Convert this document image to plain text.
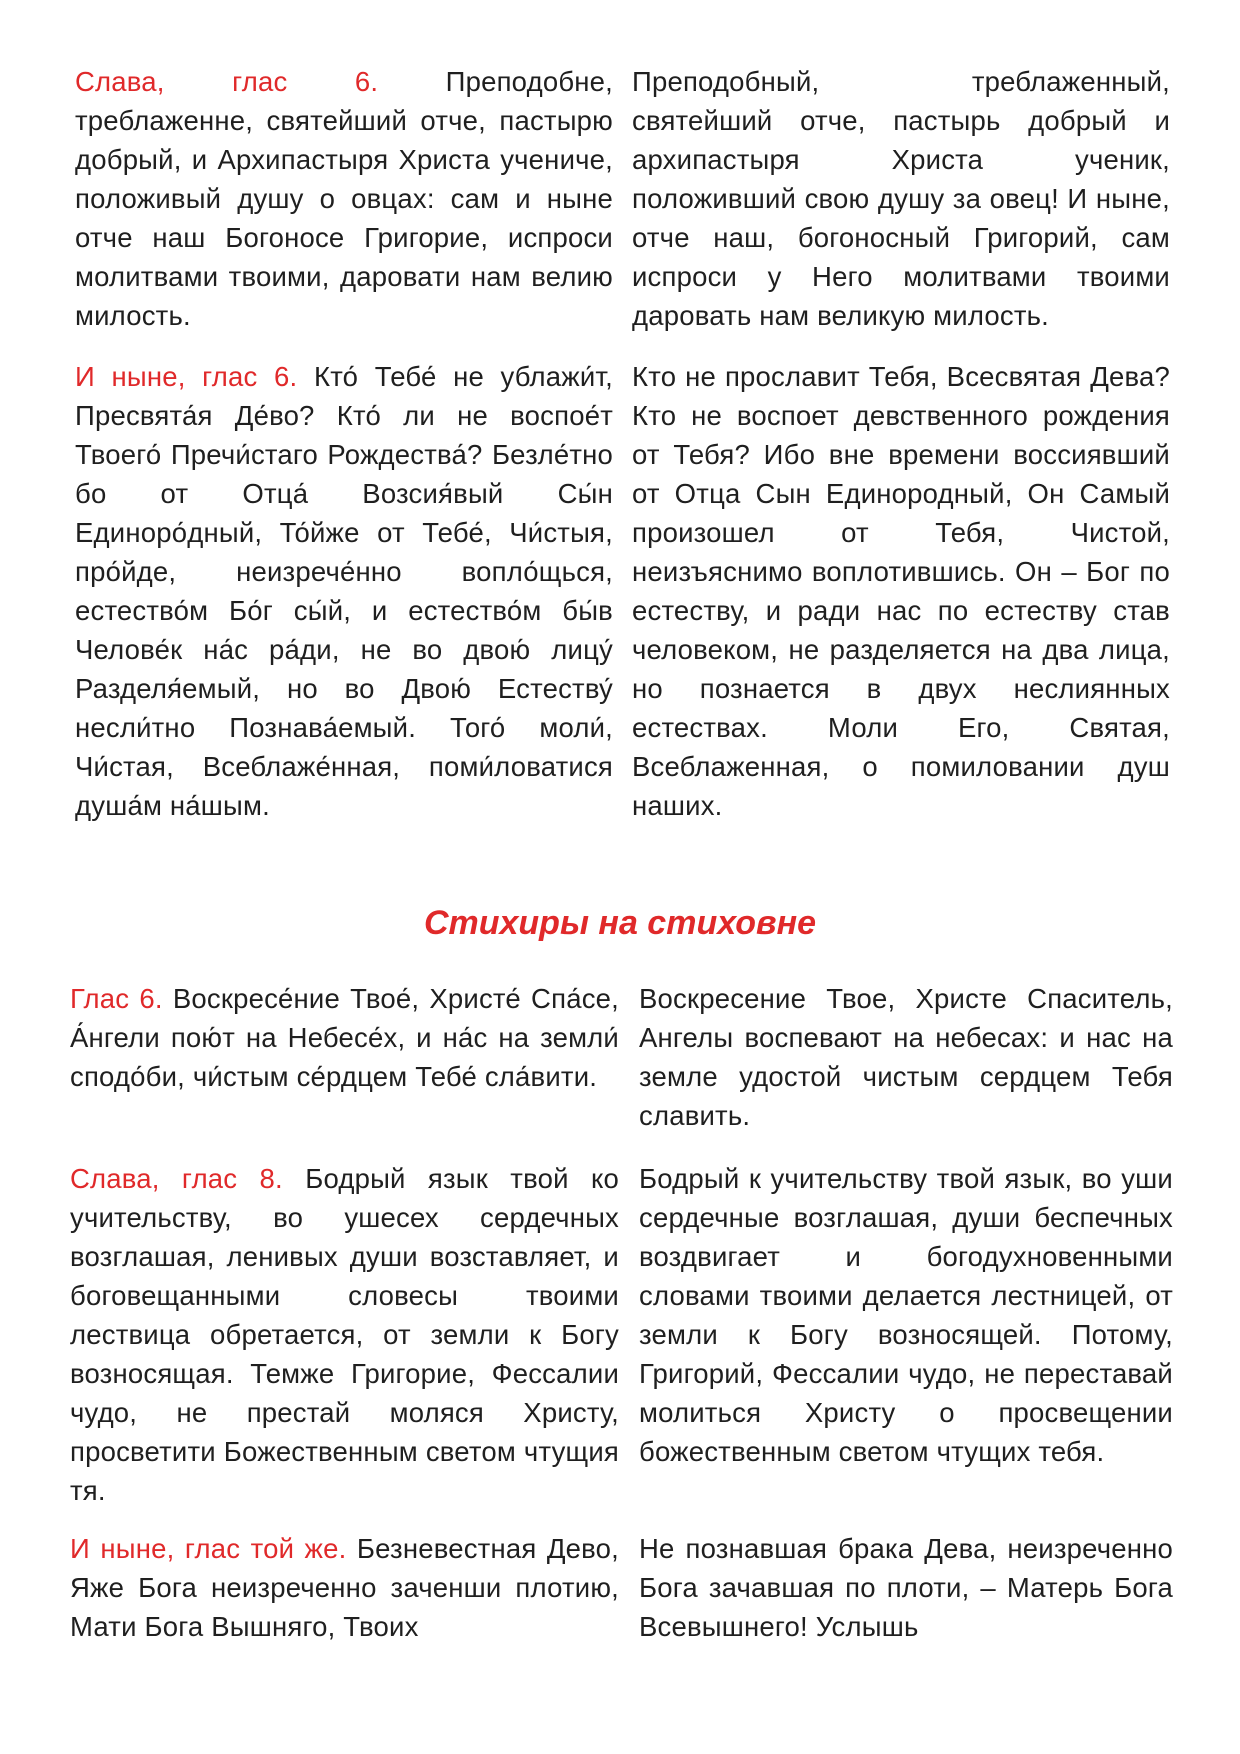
Слава, глас 6. Преподобне, треблаженне, святейший отче, пастырю добрый, и Архипастыря Христа учениче, положивый душу о овцах: сам и ныне отче наш Богоносе Григорие, испроси молитвами твоими, даровати нам велию милость.
Преподобный, треблаженный, святейший отче, пастырь добрый и архипастыря Христа ученик, положивший свою душу за овец! И ныне, отче наш, богоносный Григорий, сам испроси у Него молитвами твоими даровать нам великую милость.
И ныне, глас 6. Кто́ Тебе́ не ублажи́т, Пресвята́я Де́во? Кто́ ли не воспое́т Твоего́ Пречи́стаго Рождества́? Безле́тно бо от Отца́ Возсия́вый Сы́н Единоро́дный, То́йже от Тебе́, Чи́стыя, про́йде, неизрече́нно вопло́щься, естество́м Бо́г сы́й, и естество́м бы́в Челове́к на́с ра́ди, не во двою́ лицу́ Разделя́емый, но во Двою́ Естеству́ несли́тно Познава́емый. Того́ моли́, Чи́стая, Всеблаже́нная, поми́ловатися душа́м на́шым.
Кто не прославит Тебя, Всесвятая Дева? Кто не воспоет девственного рождения от Тебя? Ибо вне времени воссиявший от Отца Сын Единородный, Он Самый произошел от Тебя, Чистой, неизъяснимо воплотившись. Он – Бог по естеству, и ради нас по естеству став человеком, не разделяется на два лица, но познается в двух неслиянных естествах. Моли Его, Святая, Всеблаженная, о помиловании душ наших.
Стихиры на стиховне
Глас 6. Воскресе́ние Твое́, Христе́ Спа́се, А́нгели пою́т на Небесе́х, и на́с на земли́ сподо́би, чи́стым се́рдцем Тебе́ сла́вити.
Воскресение Твое, Христе Спаситель, Ангелы воспевают на небесах: и нас на земле удостой чистым сердцем Тебя славить.
Слава, глас 8. Бодрый язык твой ко учительству, во ушесех сердечных возглашая, ленивых души возставляет, и боговещанными словесы твоими лествица обретается, от земли к Богу возносящая. Темже Григорие, Фессалии чудо, не престай моляся Христу, просветити Божественным светом чтущия тя.
Бодрый к учительству твой язык, во уши сердечные возглашая, души беспечных воздвигает и богодухновенными словами твоими делается лестницей, от земли к Богу возносящей. Потому, Григорий, Фессалии чудо, не переставай молиться Христу о просвещении божественным светом чтущих тебя.
И ныне, глас той же. Безневестная Дево, Яже Бога неизреченно заченши плотию, Мати Бога Вышняго, Твоих
Не познавшая брака Дева, неизреченно Бога зачавшая по плоти, – Матерь Бога Всевышнего! Услышь
